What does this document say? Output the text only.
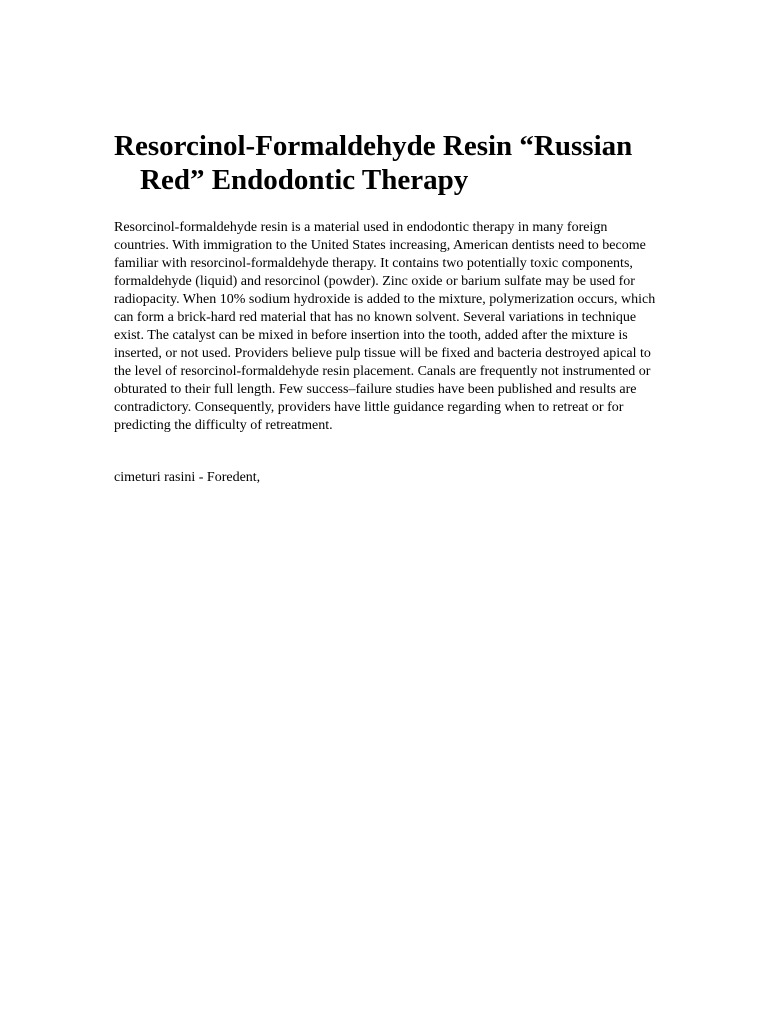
Resorcinol-Formaldehyde Resin “Russian Red” Endodontic Therapy

Resorcinol-formaldehyde resin is a material used in endodontic therapy in many foreign countries. With immigration to the United States increasing, American dentists need to become familiar with resorcinol-formaldehyde therapy. It contains two potentially toxic components, formaldehyde (liquid) and resorcinol (powder). Zinc oxide or barium sulfate may be used for radiopacity. When 10% sodium hydroxide is added to the mixture, polymerization occurs, which can form a brick-hard red material that has no known solvent. Several variations in technique exist. The catalyst can be mixed in before insertion into the tooth, added after the mixture is inserted, or not used. Providers believe pulp tissue will be fixed and bacteria destroyed apical to the level of resorcinol-formaldehyde resin placement. Canals are frequently not instrumented or obturated to their full length. Few success–failure studies have been published and results are contradictory. Consequently, providers have little guidance regarding when to retreat or for predicting the difficulty of retreatment.

cimeturi rasini - Foredent,
